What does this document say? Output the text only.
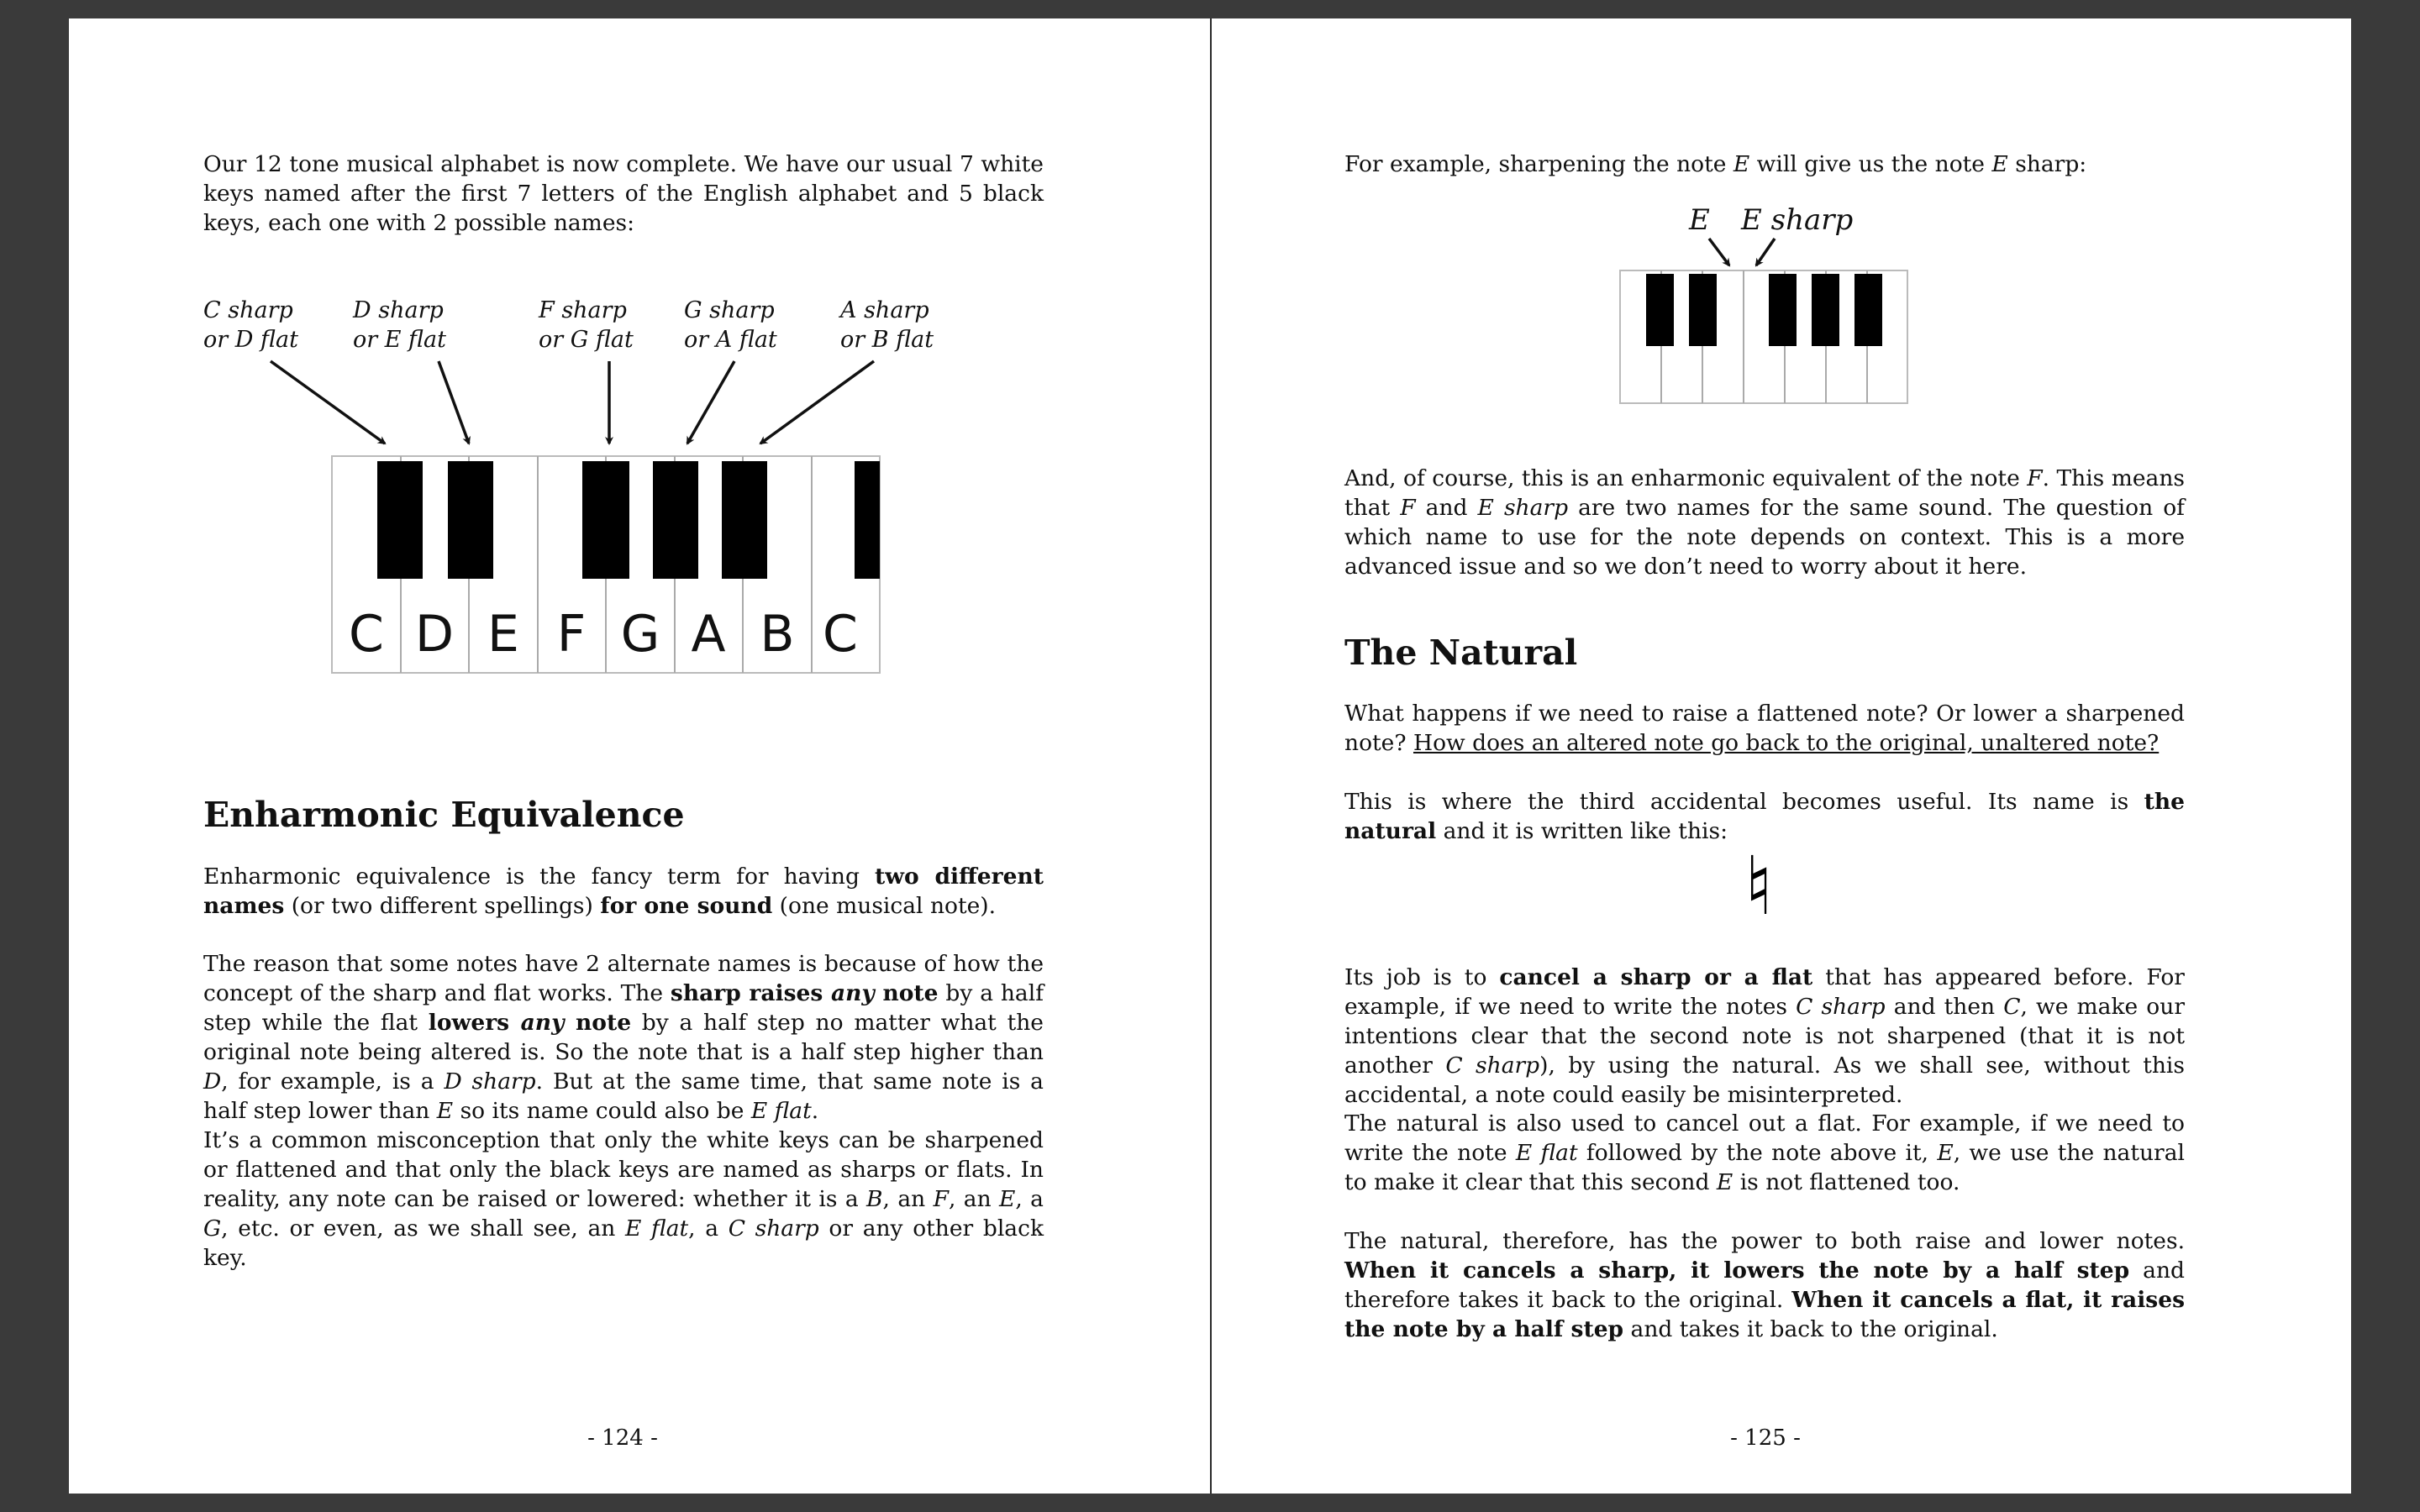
Our 12 tone musical alphabet is now complete. We have our usual 7 white keys named after the first 7 letters of the English alphabet and 5 black keys, each one with 2 possible names:

C sharp
or D flat
D sharp
or E flat
F sharp
or G flat
G sharp
or A flat
A sharp
or B flat
C D E F G A B C
Enharmonic Equivalence

Enharmonic equivalence is the fancy term for having two different names (or two different spellings) for one sound (one musical note).

The reason that some notes have 2 alternate names is because of how the concept of the sharp and flat works. The sharp raises any note by a half step while the flat lowers any note by a half step no matter what the original note being altered is. So the note that is a half step higher than D, for example, is a D sharp. But at the same time, that same note is a half step lower than E so its name could also be E flat.

It’s a common misconception that only the white keys can be sharpened or flattened and that only the black keys are named as sharps or flats. In reality, any note can be raised or lowered: whether it is a B, an F, an E, a G, etc. or even, as we shall see, an E flat, a C sharp or any other black key.

- 124 -

For example, sharpening the note E will give us the note E sharp:

E E sharp

And, of course, this is an enharmonic equivalent of the note F. This means that F and E sharp are two names for the same sound. The question of which name to use for the note depends on context. This is a more advanced issue and so we don’t need to worry about it here.

The Natural

What happens if we need to raise a flattened note? Or lower a sharpened note? How does an altered note go back to the original, unaltered note?

This is where the third accidental becomes useful. Its name is the natural and it is written like this:

♮

Its job is to cancel a sharp or a flat that has appeared before. For example, if we need to write the notes C sharp and then C, we make our intentions clear that the second note is not sharpened (that it is not another C sharp), by using the natural. As we shall see, without this accidental, a note could easily be misinterpreted.

The natural is also used to cancel out a flat. For example, if we need to write the note E flat followed by the note above it, E, we use the natural to make it clear that this second E is not flattened too.

The natural, therefore, has the power to both raise and lower notes. When it cancels a sharp, it lowers the note by a half step and therefore takes it back to the original. When it cancels a flat, it raises the note by a half step and takes it back to the original.

- 125 -
